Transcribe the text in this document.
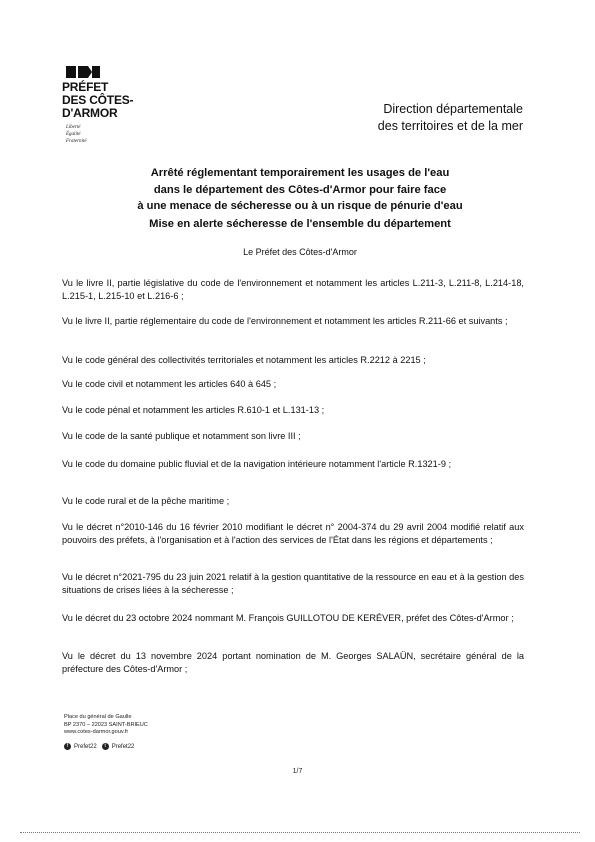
PRÉFET
DES CÔTES-
D'ARMOR
Liberté
Égalité
Fraternité
Direction départementale
des territoires et de la mer
Arrêté réglementant temporairement les usages de l'eau
dans le département des Côtes-d'Armor pour faire face
à une menace de sécheresse ou à un risque de pénurie d'eau
Mise en alerte sécheresse de l'ensemble du département
Le Préfet des Côtes-d'Armor

Vu le livre II, partie législative du code de l'environnement et notamment les articles L.211-3, L.211-8, L.214-18, L.215-1, L.215-10 et L.216-6 ;

Vu le livre II, partie réglementaire du code de l'environnement et notamment les articles R.211-66 et suivants ;

Vu le code général des collectivités territoriales et notamment les articles R.2212 à 2215 ;

Vu le code civil et notamment les articles 640 à 645 ;

Vu le code pénal et notamment les articles R.610-1 et L.131-13 ;

Vu le code de la santé publique et notamment son livre III ;

Vu le code du domaine public fluvial et de la navigation intérieure notamment l'article R.1321-9 ;

Vu le code rural et de la pêche maritime ;

Vu le décret n°2010-146 du 16 février 2010 modifiant le décret n° 2004-374 du 29 avril 2004 modifié relatif aux pouvoirs des préfets, à l'organisation et à l'action des services de l'État dans les régions et départements ;

Vu le décret n°2021-795 du 23 juin 2021 relatif à la gestion quantitative de la ressource en eau et à la gestion des situations de crises liées à la sécheresse ;

Vu le décret du 23 octobre 2024 nommant M. François GUILLOTOU DE KERÉVER, préfet des Côtes-d'Armor ;

Vu le décret du 13 novembre 2024 portant nomination de M. Georges SALAÜN, secrétaire général de la préfecture des Côtes-d'Armor ;

Place du général de Gaulle
BP 2370 – 22023 SAINT-BRIEUC
www.cotes-darmor.gouv.fr
f Prefet22 t Prefet22
1/7
